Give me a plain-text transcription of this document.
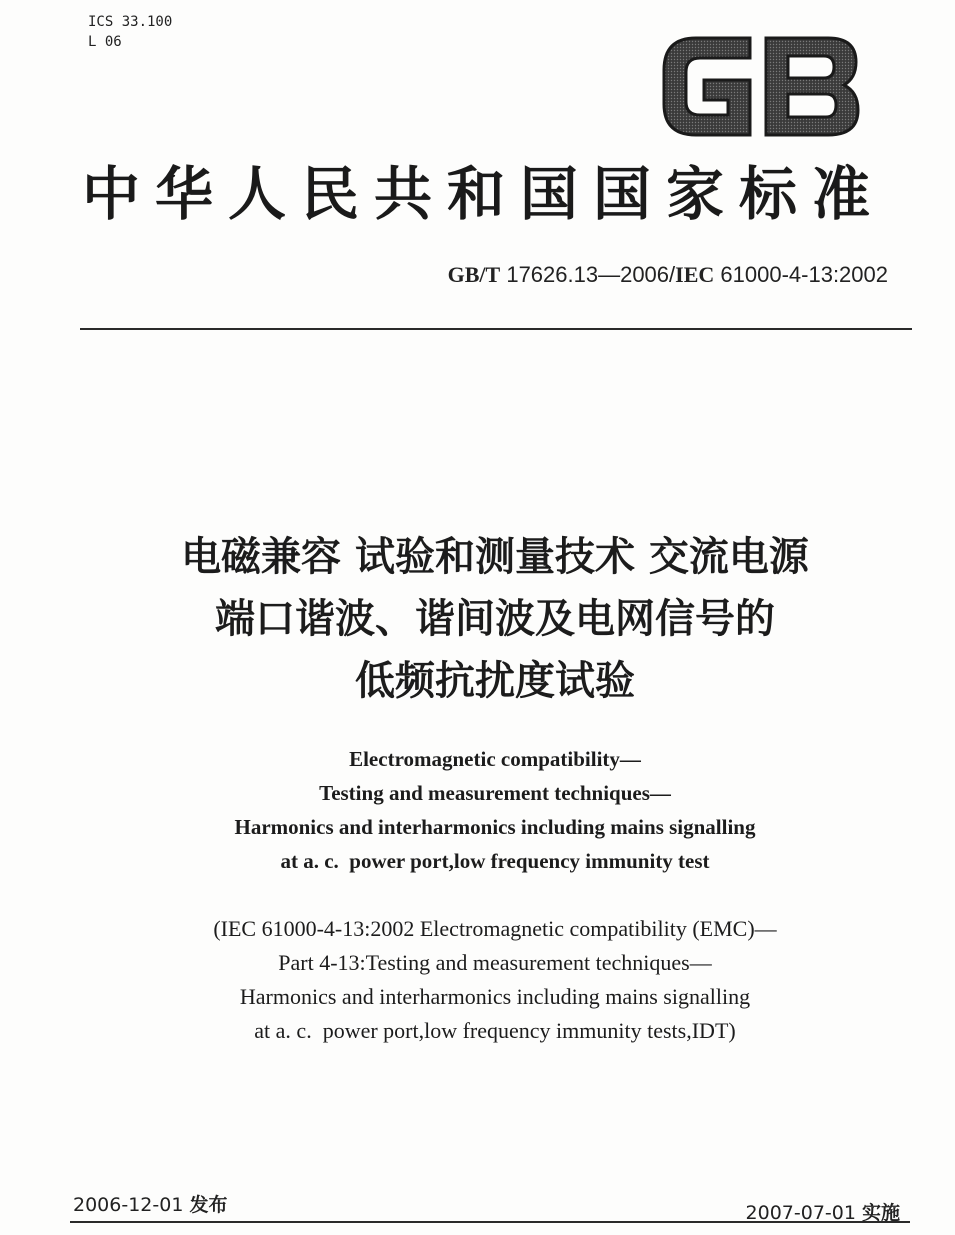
ICS 33.100
L 06
中华人民共和国国家标准
GB/T 17626.13—2006/IEC 61000-4-13:2002
电磁兼容 试验和测量技术 交流电源
端口谐波、谐间波及电网信号的
低频抗扰度试验
Electromagnetic compatibility—
Testing and measurement techniques—
Harmonics and interharmonics including mains signalling
at a. c.  power port,low frequency immunity test
(IEC 61000-4-13:2002 Electromagnetic compatibility (EMC)—
Part 4-13:Testing and measurement techniques—
Harmonics and interharmonics including mains signalling
at a. c.  power port,low frequency immunity tests,IDT)
2006-12-01 发布	2007-07-01 实施
